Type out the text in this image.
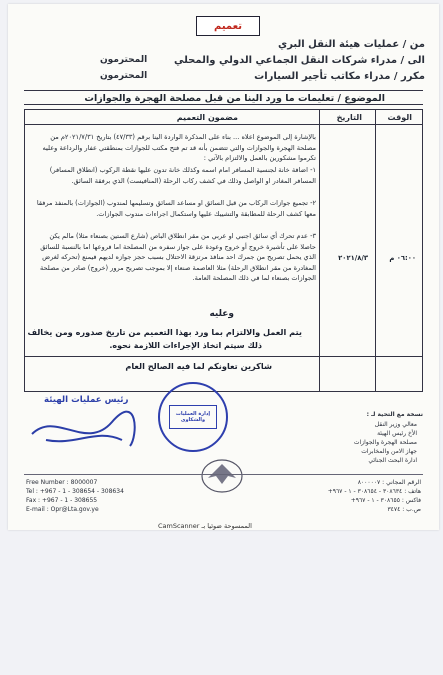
تعميم
من / عمليات هيئة النقل البري
الى / مدراء شركات النقل الجماعي الدولي والمحلي
مكرر / مدراء مكاتب تأجير السيارات
المحترمون
المحترمون
الموضوع / تعليمات ما ورد الينا من قبل مصلحة الهجرة والجوازات
الوقت
التاريخ
مضمون التعميم
٢٠٢١/٨/٣	٠٦:٠٠ م
بالإشارة إلى الموضوع اعلاه ... بناء على المذكرة الواردة الينا برقم (٤٧/٣٣) بتاريخ ٢٠٢١/٧/٣١م من مصلحة الهجرة والجوازات والتي تتضمن بأنه قد تم فتح مكتب للجوازات بمنطقتي عفار والرداعة وعليه تكرموا مشكورين بالعمل والالتزام بالآتي :
١- اضافة خانة لجنسية المسافر امام اسمه وكذلك خانة تدون عليها نقطة الركوب (انطلاق المسافر) المسافر المغادر او الواصل وذلك في كشف ركاب الرحلة (المنافيست) الذي برفقة السائق.
٢- تجميع جوازات الركاب من قبل السائق او مساعد السائق وتسليمها لمندوب (الجوازات) بالمنفذ مرفقا معها كشف الرحلة للمطابقة والتشييك عليها واستكمال اجراءات مندوب الجوازات.
٣- عدم تحرك أي سائق اجنبي او عربي من مقر انطلاق الباص (شارع الستين بصنعاء مثلا) مالم يكن حاصلا على تأشيرة خروج أو خروج وعودة على جواز سفره من المصلحة اما فروعها اما بالنسبة للسائق الذي يحمل تصريح من جمرك احد منافذ مرتزقة الاحتلال بسبب حجز جوازه لديهم فيمنع (تحركه لغرض المغادرة من مقر انطلاق الرحلة) مثلا العاصمة صنعاء إلا بموجب تصريح مرور (خروج) صادر من مصلحة الجوازات بصنعاء لما في ذلك المصلحة العامة.
وعليه
يتم العمل والالتزام بما ورد بهذا التعميم من تاريخ صدوره ومن يخالف
ذلك سيتم اتخاذ الإجراءات اللازمة نحوه.
شاكرين تعاونكم لما فيه الصالح العام
رئيس عمليات الهيئة
إدارة العمليات والشكاوى
نسخة مع التحية لـ :
معالي وزير النقل
الأخ رئيس الهيئة
مصلحة الهجرة والجوازات
جهاز الامن والمخابرات
ادارة البحث الجنائي
Free Number : 8000007
Tel : +967 - 1 - 308654 - 308634
Fax : +967 - 1 - 308655
E-mail : Opr@Lta.gov.ye
الرقم المجاني : ٨٠٠٠٠٠٧
هاتف : ٣٠٨٦٣٤ - ٣٠٨٦٥٤ - ١ - ٩٦٧+
فاكس : ٣٠٨٦٥٥ - ١ - ٩٦٧+
ص.ب : ٣٤٧٤
الممسوحة ضوئيا بـ CamScanner
